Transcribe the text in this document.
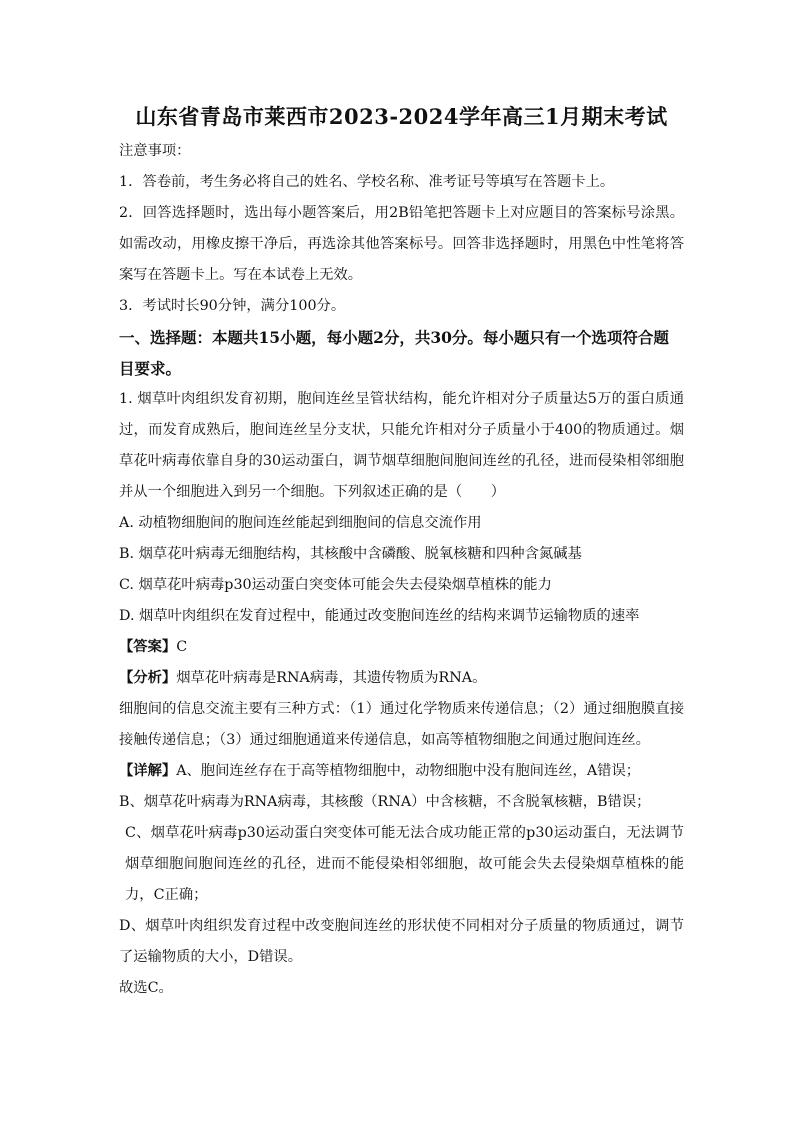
山东省青岛市莱西市2023-2024学年高三1月期末考试

注意事项：

1．答卷前，考生务必将自己的姓名、学校名称、准考证号等填写在答题卡上。

2．回答选择题时，选出每小题答案后，用2B铅笔把答题卡上对应题目的答案标号涂黑。如需改动，用橡皮擦干净后，再选涂其他答案标号。回答非选择题时，用黑色中性笔将答案写在答题卡上。写在本试卷上无效。

3．考试时长90分钟，满分100分。

一、选择题：本题共15小题，每小题2分，共30分。每小题只有一个选项符合题目要求。

1. 烟草叶肉组织发育初期，胞间连丝呈管状结构，能允许相对分子质量达5万的蛋白质通过，而发育成熟后，胞间连丝呈分支状，只能允许相对分子质量小于400的物质通过。烟草花叶病毒依靠自身的30运动蛋白，调节烟草细胞间胞间连丝的孔径，进而侵染相邻细胞并从一个细胞进入到另一个细胞。下列叙述正确的是（　　）

A. 动植物细胞间的胞间连丝能起到细胞间的信息交流作用

B. 烟草花叶病毒无细胞结构，其核酸中含磷酸、脱氧核糖和四种含氮碱基

C. 烟草花叶病毒p30运动蛋白突变体可能会失去侵染烟草植株的能力

D. 烟草叶肉组织在发育过程中，能通过改变胞间连丝的结构来调节运输物质的速率

【答案】C

【分析】烟草花叶病毒是RNA病毒，其遗传物质为RNA。

细胞间的信息交流主要有三种方式：（1）通过化学物质来传递信息；（2）通过细胞膜直接接触传递信息；（3）通过细胞通道来传递信息，如高等植物细胞之间通过胞间连丝。

【详解】A、胞间连丝存在于高等植物细胞中，动物细胞中没有胞间连丝，A错误；

B、烟草花叶病毒为RNA病毒，其核酸（RNA）中含核糖，不含脱氧核糖，B错误；

C、烟草花叶病毒p30运动蛋白突变体可能无法合成功能正常的p30运动蛋白，无法调节烟草细胞间胞间连丝的孔径，进而不能侵染相邻细胞，故可能会失去侵染烟草植株的能力，C正确；

D、烟草叶肉组织发育过程中改变胞间连丝的形状使不同相对分子质量的物质通过，调节了运输物质的大小，D错误。

故选C。
